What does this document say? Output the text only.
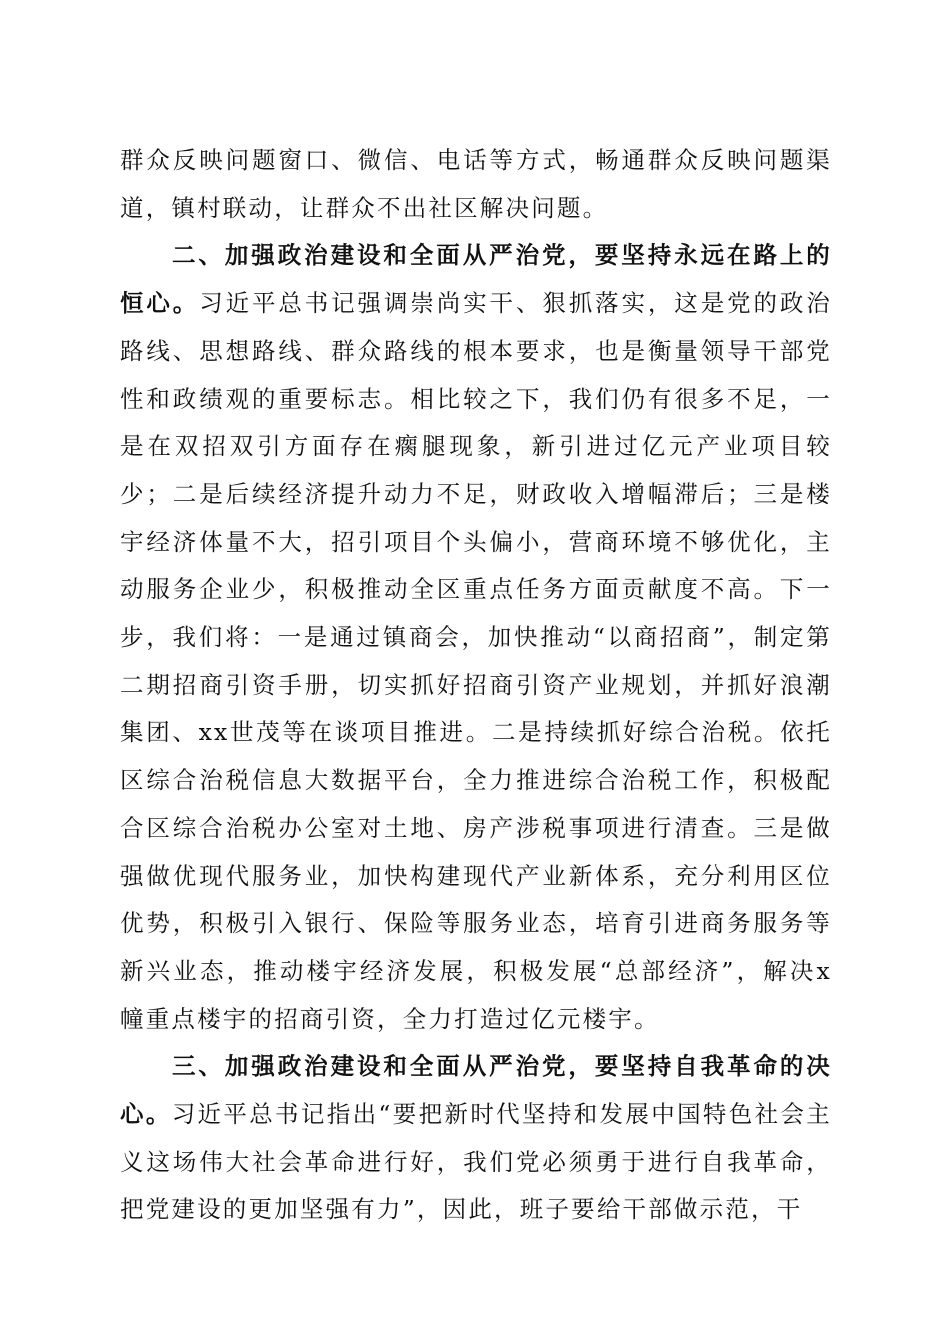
群众反映问题窗口、微信、电话等方式，畅通群众反映问题渠道，镇村联动，让群众不出社区解决问题。

二、加强政治建设和全面从严治党，要坚持永远在路上的恒心。习近平总书记强调崇尚实干、狠抓落实，这是党的政治路线、思想路线、群众路线的根本要求，也是衡量领导干部党性和政绩观的重要标志。相比较之下，我们仍有很多不足，一是在双招双引方面存在瘸腿现象，新引进过亿元产业项目较少；二是后续经济提升动力不足，财政收入增幅滞后；三是楼宇经济体量不大，招引项目个头偏小，营商环境不够优化，主动服务企业少，积极推动全区重点任务方面贡献度不高。下一步，我们将：一是通过镇商会，加快推动“以商招商”，制定第二期招商引资手册，切实抓好招商引资产业规划，并抓好浪潮集团、xx世茂等在谈项目推进。二是持续抓好综合治税。依托区综合治税信息大数据平台，全力推进综合治税工作，积极配合区综合治税办公室对土地、房产涉税事项进行清查。三是做强做优现代服务业，加快构建现代产业新体系，充分利用区位优势，积极引入银行、保险等服务业态，培育引进商务服务等新兴业态，推动楼宇经济发展，积极发展“总部经济”，解决x幢重点楼宇的招商引资，全力打造过亿元楼宇。

三、加强政治建设和全面从严治党，要坚持自我革命的决心。习近平总书记指出“要把新时代坚持和发展中国特色社会主义这场伟大社会革命进行好，我们党必须勇于进行自我革命，把党建设的更加坚强有力”，因此，班子要给干部做示范，干
